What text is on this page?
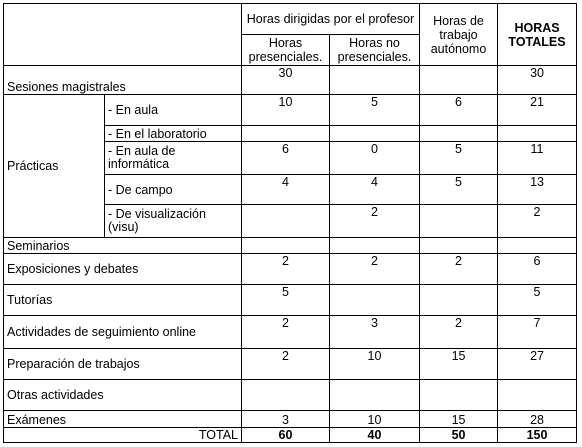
		Horas dirigidas por el profesor		Horas de trabajo autónomo	HORAS TOTALES
		Horas presenciales.	Horas no presenciales.		
Sesiones magistrales		30			30
Prácticas	- En aula	10	5	6	21
	- En el laboratorio				
	- En aula de informática	6	0	5	11
	- De campo	4	4	5	13
	- De visualización (visu)		2		2
Seminarios					
Exposiciones y debates		2	2	2	6
Tutorías		5			5
Actividades de seguimiento online		2	3	2	7
Preparación de trabajos		2	10	15	27
Otras actividades					
Exámenes		3	10	15	28
TOTAL		60	40	50	150
